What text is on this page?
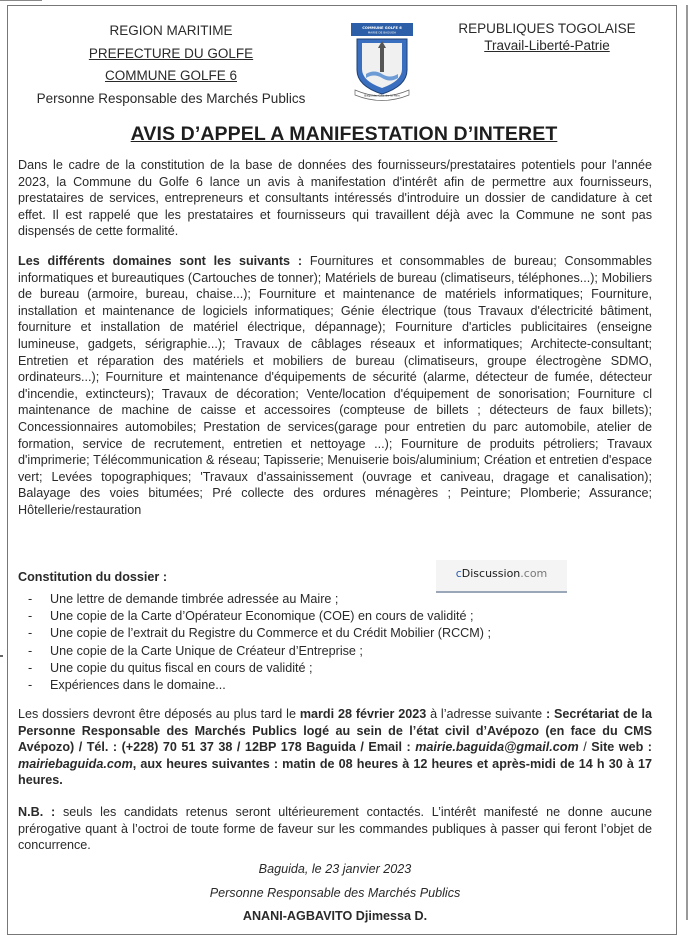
REGION MARITIME
PREFECTURE DU GOLFE
COMMUNE GOLFE 6
Personne Responsable des Marchés Publics
COMMUNE GOLFE 6
MAIRIE DE BAGUIDA
Baguida, Cité de la Paix
REPUBLIQUES TOGOLAISE
Travail-Liberté-Patrie
AVIS D’APPEL A MANIFESTATION D’INTERET
Dans le cadre de la constitution de la base de données des fournisseurs/prestataires potentiels pour l'année 2023, la Commune du Golfe 6 lance un avis à manifestation d'intérêt afin de permettre aux fournisseurs, prestataires de services, entrepreneurs et consultants intéressés d'introduire un dossier de candidature à cet effet. Il est rappelé que les prestataires et fournisseurs qui travaillent déjà avec la Commune ne sont pas dispensés de cette formalité.
Les différents domaines sont les suivants : Fournitures et consommables de bureau; Consommables informatiques et bureautiques (Cartouches de tonner); Matériels de bureau (climatiseurs, téléphones...); Mobiliers de bureau (armoire, bureau, chaise...); Fourniture et maintenance de matériels informatiques; Fourniture, installation et maintenance de logiciels informatiques; Génie électrique (tous Travaux d'électricité bâtiment, fourniture et installation de matériel électrique, dépannage); Fourniture d'articles publicitaires (enseigne lumineuse, gadgets, sérigraphie...); Travaux de câblages réseaux et informatiques; Architecte-consultant; Entretien et réparation des matériels et mobiliers de bureau (climatiseurs, groupe électrogène SDMO, ordinateurs...); Fourniture et maintenance d'équipements de sécurité (alarme, détecteur de fumée, détecteur d'incendie, extincteurs); Travaux de décoration; Vente/location d'équipement de sonorisation; Fourniture cl maintenance de machine de caisse et accessoires (compteuse de billets ; détecteurs de faux billets); Concessionnaires automobiles; Prestation de services(garage pour entretien du parc automobile, atelier de formation, service de recrutement, entretien et nettoyage ...); Fourniture de produits pétroliers; Travaux d'imprimerie; Télécommunication & réseau; Tapisserie; Menuiserie bois/aluminium; Création et entretien d'espace vert; Levées topographiques; 'Travaux d'assainissement (ouvrage et caniveau, dragage et canalisation); Balayage des voies bitumées; Pré collecte des ordures ménagères ; Peinture; Plomberie; Assurance; Hôtellerie/restauration
Constitution du dossier :	cDiscussion.com
- Une lettre de demande timbrée adressée au Maire ;
- Une copie de la Carte d’Opérateur Economique (COE) en cours de validité ;
- Une copie de l’extrait du Registre du Commerce et du Crédit Mobilier (RCCM) ;
- Une copie de la Carte Unique de Créateur d’Entreprise ;
- Une copie du quitus fiscal en cours de validité ;
- Expériences dans le domaine...
Les dossiers devront être déposés au plus tard le mardi 28 février 2023 à l’adresse suivante : Secrétariat de la Personne Responsable des Marchés Publics logé au sein de l’état civil d’Avépozo (en face du CMS Avépozo) / Tél. : (+228) 70 51 37 38 / 12BP 178 Baguida / Email : mairie.baguida@gmail.com / Site web : mairiebaguida.com, aux heures suivantes : matin de 08 heures à 12 heures et après-midi de 14 h 30 à 17 heures.
N.B. : seuls les candidats retenus seront ultérieurement contactés. L’intérêt manifesté ne donne aucune prérogative quant à l’octroi de toute forme de faveur sur les commandes publiques à passer qui feront l’objet de concurrence.
Baguida, le 23 janvier 2023
Personne Responsable des Marchés Publics
ANANI-AGBAVITO Djimessa D.
